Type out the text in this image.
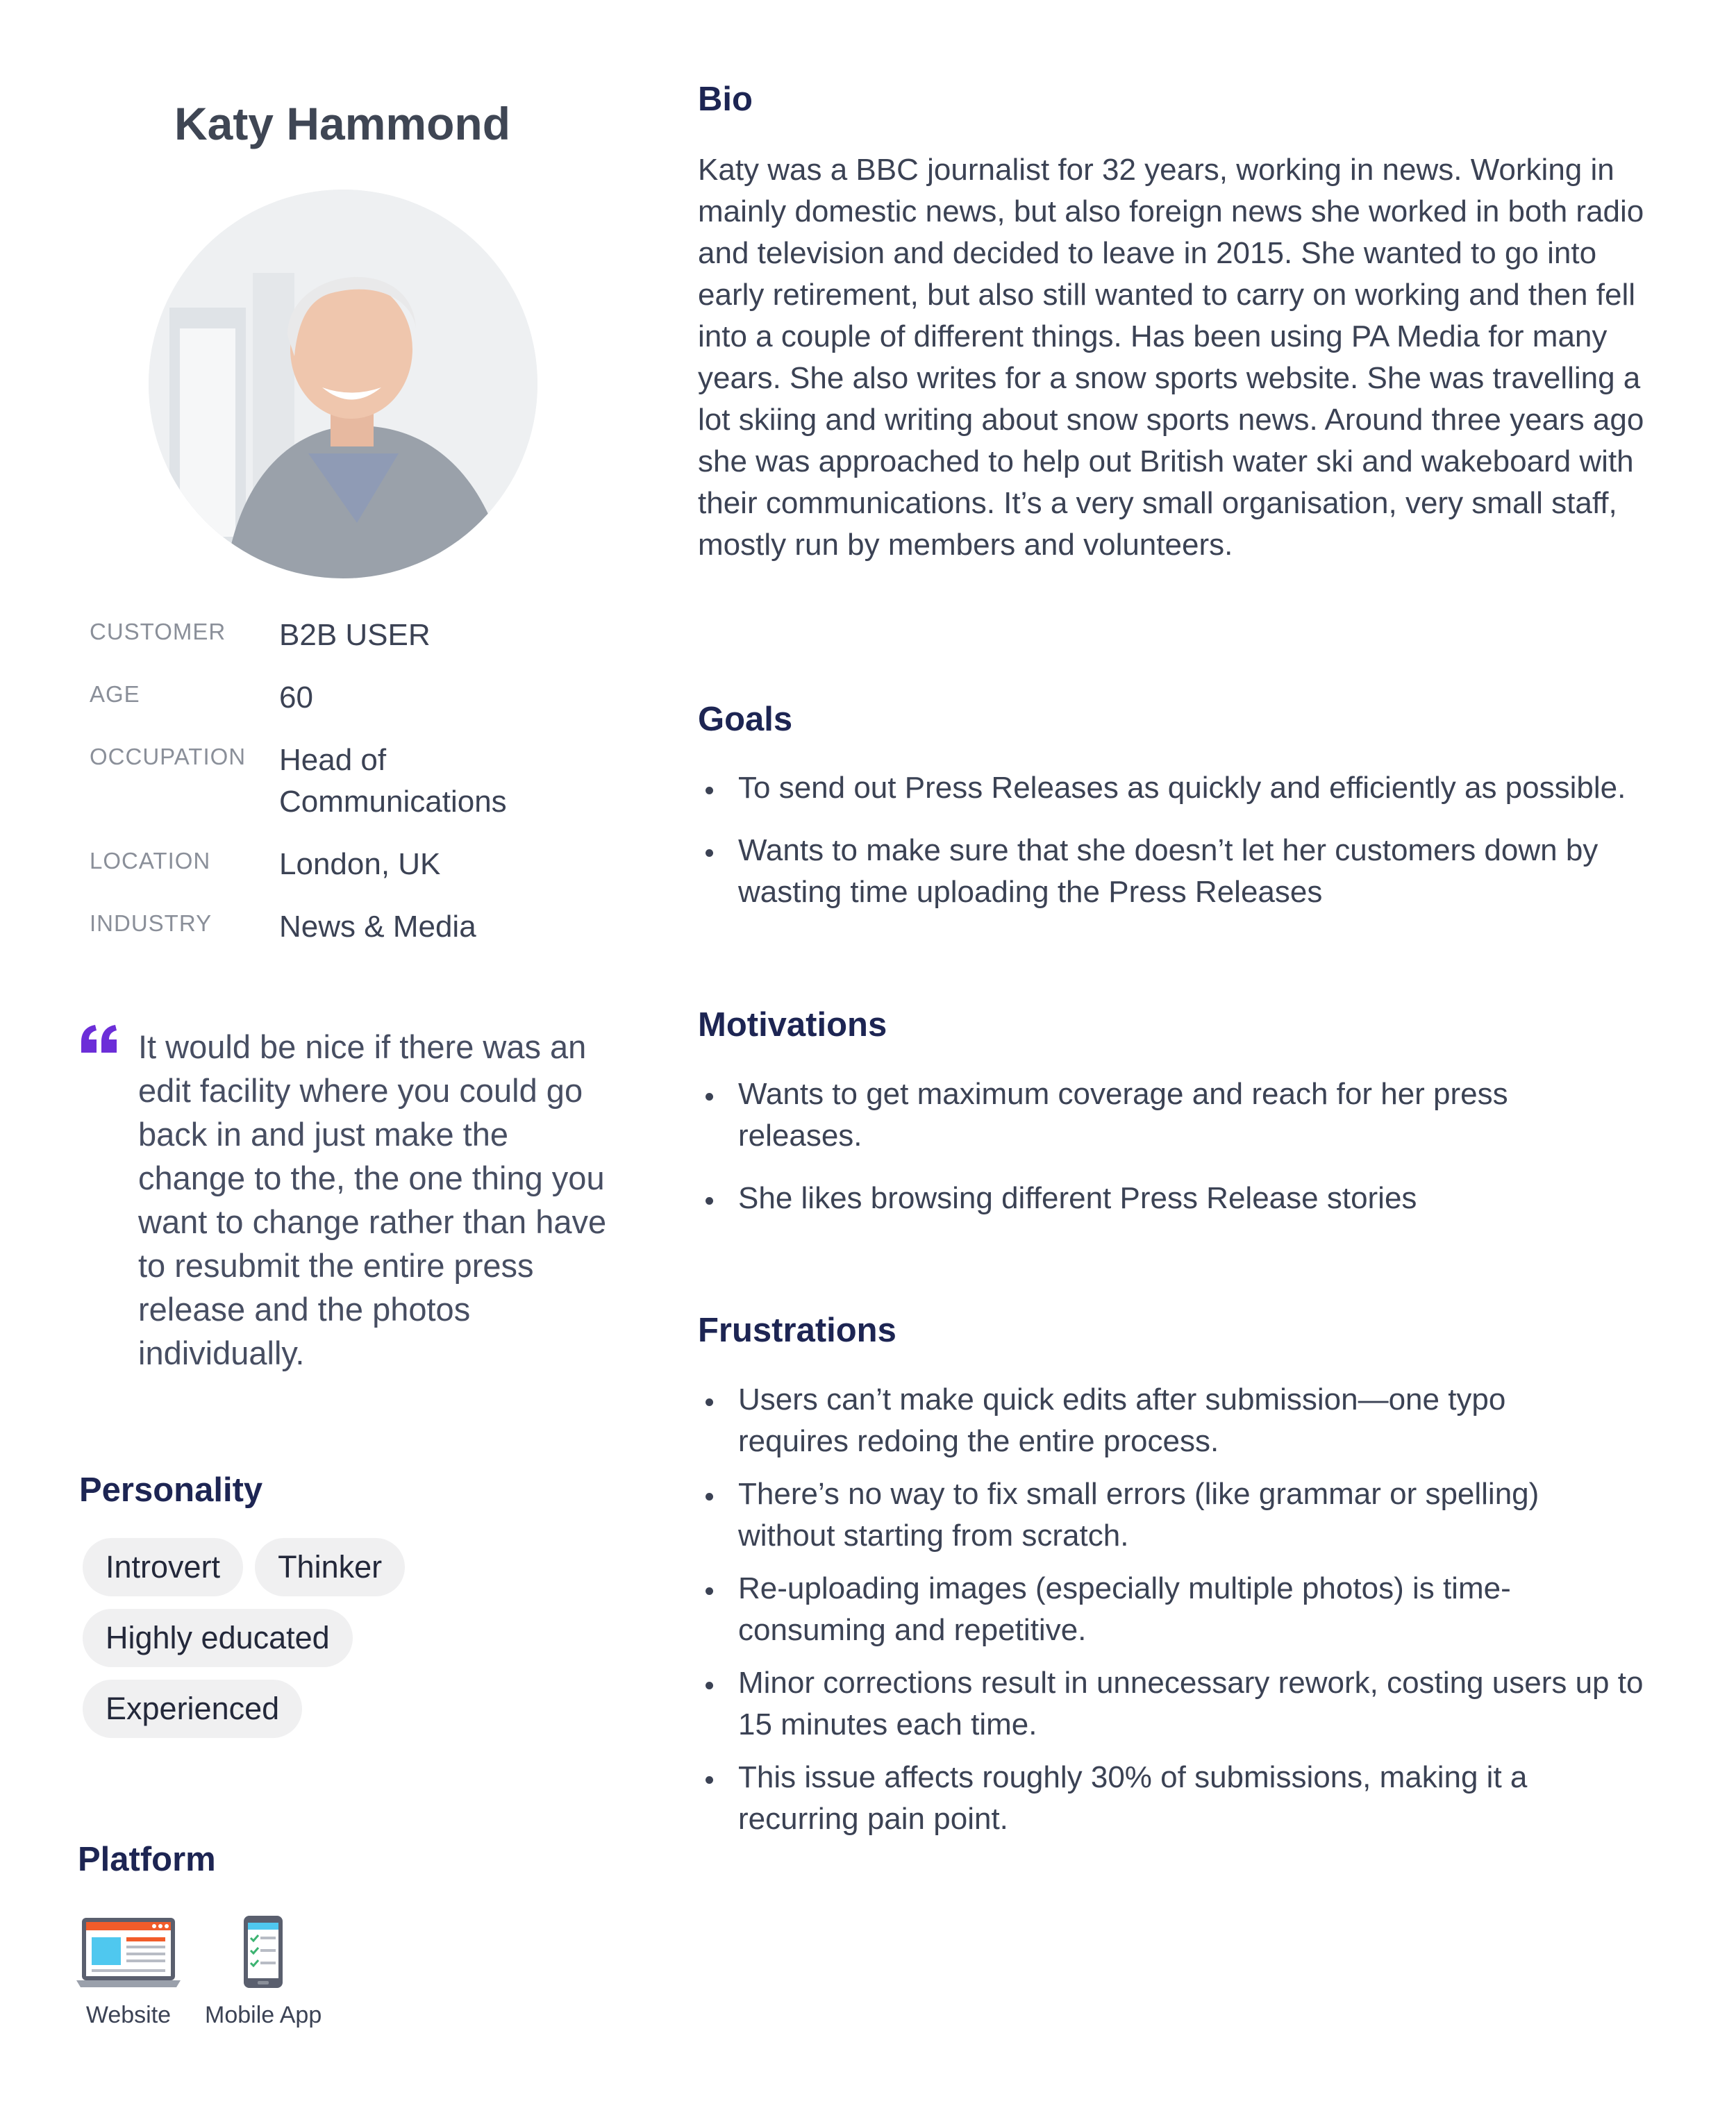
Katy Hammond
CUSTOMER	B2B USER
AGE	60
OCCUPATION	Head of Communications
LOCATION	London, UK
INDUSTRY	News & Media

It would be nice if there was an edit facility where you could go back in and just make the change to the, the one thing you want to change rather than have to resubmit the entire press release and the photos individually.

Personality
Introvert	Thinker
Highly educated
Experienced
Platform
Website Mobile App
Bio

Katy was a BBC journalist for 32 years, working in news. Working in mainly domestic news, but also foreign news she worked in both radio and television and decided to leave in 2015. She wanted to go into early retirement, but also still wanted to carry on working and then fell into a couple of different things. Has been using PA Media for many years. She also writes for a snow sports website. She was travelling a lot skiing and writing about snow sports news. Around three years ago she was approached to help out British water ski and wakeboard with their communications. It’s a very small organisation, very small staff, mostly run by members and volunteers.

Goals
To send out Press Releases as quickly and efficiently as possible.
Wants to make sure that she doesn’t let her customers down by wasting time uploading the Press Releases
Motivations
Wants to get maximum coverage and reach for her press releases.
She likes browsing different Press Release stories
Frustrations
Users can’t make quick edits after submission—one typo requires redoing the entire process.
There’s no way to fix small errors (like grammar or spelling) without starting from scratch.
Re-uploading images (especially multiple photos) is time-consuming and repetitive.
Minor corrections result in unnecessary rework, costing users up to 15 minutes each time.
This issue affects roughly 30% of submissions, making it a recurring pain point.
